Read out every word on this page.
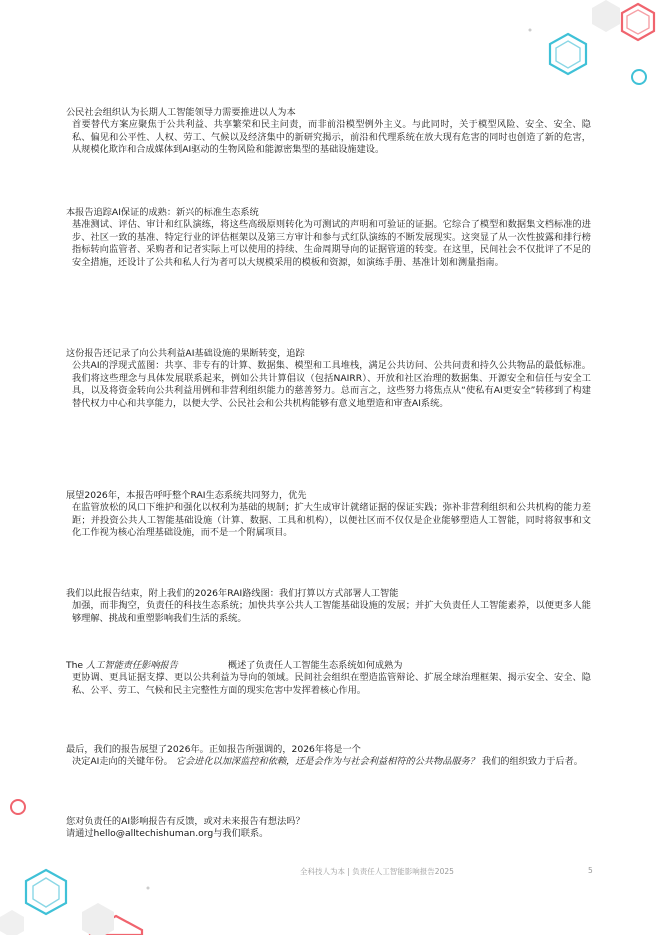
公民社会组织认为长期人工智能领导力需要推进以人为本
首要替代方案应聚焦于公共利益、共享繁荣和民主问责，而非前沿模型例外主义。与此同时，关于模型风险、安全、安全、隐私、偏见和公平性、人权、劳工、气候以及经济集中的新研究揭示，前沿和代理系统在放大现有危害的同时也创造了新的危害，从规模化欺诈和合成媒体到AI驱动的生物风险和能源密集型的基础设施建设。
本报告追踪AI保证的成熟：新兴的标准生态系统
基准测试、评估、审计和红队演练，将这些高级原则转化为可测试的声明和可验证的证据。它综合了模型和数据集文档标准的进步、社区一致的基准、特定行业的评估框架以及第三方审计和参与式红队演练的不断发展现实。这突显了从一次性披露和排行榜指标转向监管者、采购者和记者实际上可以使用的持续、生命周期导向的证据管道的转变。在这里，民间社会不仅批评了不足的安全措施，还设计了公共和私人行为者可以大规模采用的模板和资源，如演练手册、基准计划和测量指南。
这份报告还记录了向公共利益AI基础设施的果断转变，追踪
公共AI的浮现式蓝图：共享、非专有的计算、数据集、模型和工具堆栈，满足公共访问、公共问责和持久公共物品的最低标准。我们将这些理念与具体发展联系起来，例如公共计算倡议（包括NAIRR）、开放和社区治理的数据集、开源安全和信任与安全工具，以及将资金转向公共利益用例和非营利组织能力的慈善努力。总而言之，这些努力将焦点从“使私有AI更安全”转移到了构建替代权力中心和共享能力，以便大学、公民社会和公共机构能够有意义地塑造和审查AI系统。
展望2026年，本报告呼吁整个RAI生态系统共同努力，优先
在监管放松的风口下维护和强化以权利为基础的规制；扩大生成审计就绪证据的保证实践；弥补非营利组织和公共机构的能力差距；并投资公共人工智能基础设施（计算、数据、工具和机构），以便社区而不仅仅是企业能够塑造人工智能，同时将叙事和文化工作视为核心治理基础设施，而不是一个附属项目。
我们以此报告结束，附上我们的2026年RAI路线图：我们打算以方式部署人工智能
加强，而非掏空，负责任的科技生态系统；加快共享公共人工智能基础设施的发展；并扩大负责任人工智能素养，以便更多人能够理解、挑战和重塑影响我们生活的系统。
The 人工智能责任影响报告	概述了负责任人工智能生态系统如何成熟为
更协调、更具证据支撑、更以公共利益为导向的领域。民间社会组织在塑造监管辩论、扩展全球治理框架、揭示安全、安全、隐私、公平、劳工、气候和民主完整性方面的现实危害中发挥着核心作用。
最后，我们的报告展望了2026年。正如报告所强调的，2026年将是一个
决定AI走向的关键年份。 它会进化以加深监控和依赖，还是会作为与社会利益相符的公共物品服务？ 我们的组织致力于后者。
您对负责任的AI影响报告有反馈，或对未来报告有想法吗？
请通过hello@alltechishuman.org与我们联系。
全科技人为本 | 负责任人工智能影响报告2025	5
